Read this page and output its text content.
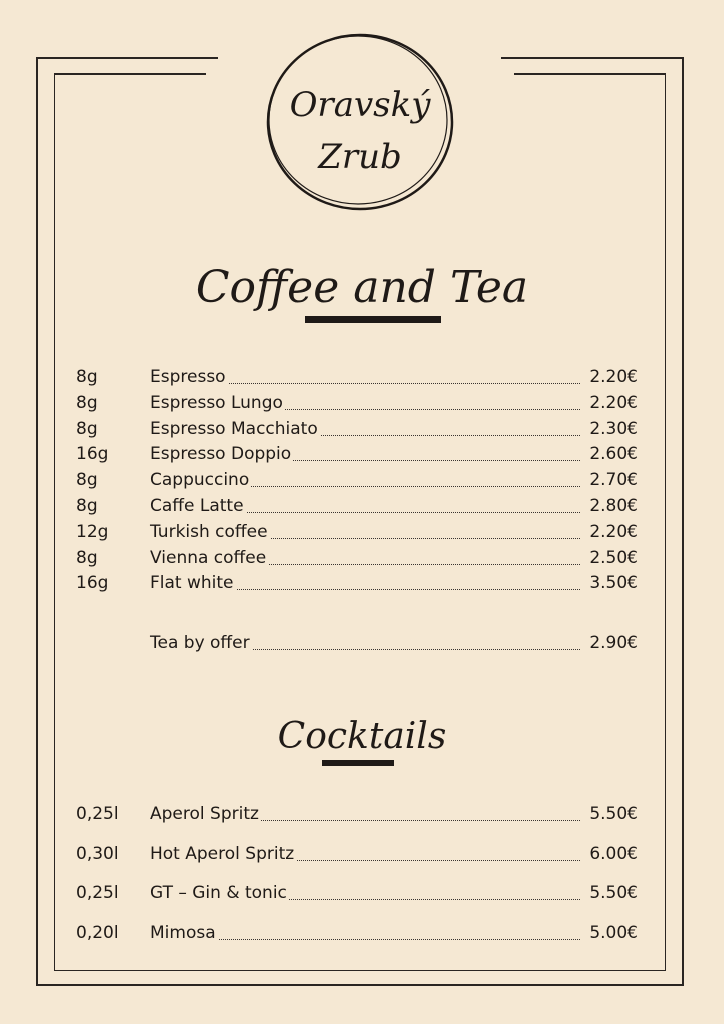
Oravský
Zrub
Coffee and Tea
8g	Espresso	2.20€
8g	Espresso Lungo	2.20€
8g	Espresso Macchiato	2.30€
16g Espresso Doppio	2.60€
8g	Cappuccino	2.70€
8g	Caffe Latte	2.80€
12g Turkish coffee	2.20€
8g	Vienna coffee	2.50€
16g Flat white	3.50€
Tea by offer	2.90€
Cocktails
0,25l Aperol Spritz	5.50€
0,30l Hot Aperol Spritz	6.00€
0,25l GT – Gin & tonic	5.50€
0,20l Mimosa	5.00€
